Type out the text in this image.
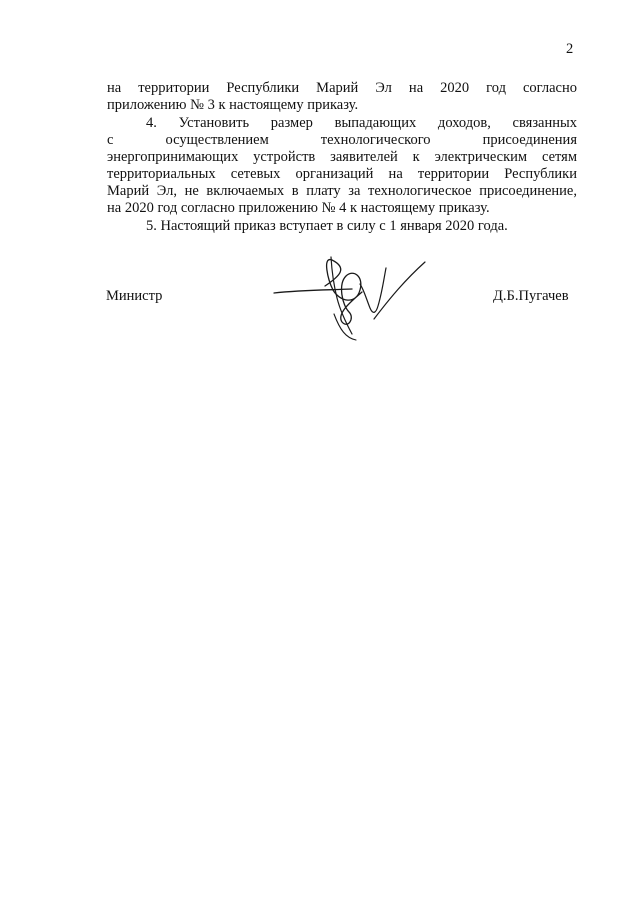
2
на территории Республики Марий Эл на 2020 год согласно
приложению № 3 к настоящему приказу.
4. Установить размер выпадающих доходов, связанных
с осуществлением технологического присоединения
энергопринимающих устройств заявителей к электрическим сетям
территориальных сетевых организаций на территории Республики
Марий Эл, не включаемых в плату за технологическое присоединение,
на 2020 год согласно приложению № 4 к настоящему приказу.
5. Настоящий приказ вступает в силу с 1 января 2020 года.
Министр	Д.Б.Пугачев
